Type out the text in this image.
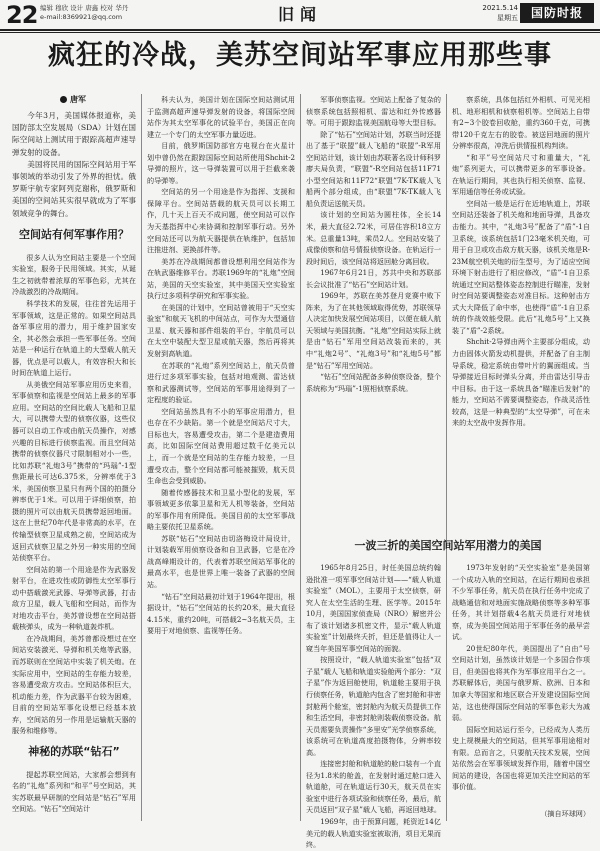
22 编辑 穆欣 设计 唐鑫 校对 华丹
e-mail:8369921@qq.com	旧闻	2021.5.14
星期五	国防时报
疯狂的冷战，美苏空间站军事应用那些事
唐军

今年3月，美国媒体报道称，美国防部太空发展局（SDA）计划在国际空间站上测试用于跟踪高超声速导弹发射的设备。

美国将民用的国际空间站用于军事领域的举动引发了外界的担忧。俄罗斯宇航专家阿列克谢称，俄罗斯和美国的空间站其实很早就成为了军事领域竞争的舞台。

空间站有何军事作用？

很多人认为空间站主要是一个空间实验室，服务于民用领域。其实，从诞生之初就带着浓厚的军事色彩，尤其在冷战激烈的冷战期间。

科学技术的发展，往往首先运用于军事领域，这是正常的。如果空间站具备军事应用的潜力，用于维护国家安全，其必然会承担一些军事任务。空间站是一种运行在轨道上的大型载人航天器，优点是可以载人，有效容积大和长时间在轨道上运行。

从美俄空间站军事应用历史来看，军事侦察和监视是空间站上最多的军事应用。空间站的空间比载人飞船和卫星大，可以携带大型的侦察仪器，这些仪器可以自动工作或由航天员操作，对感兴趣的目标进行侦察监视。而且空间站携带的侦察仪器尺寸限制相对小一些，比如苏联“礼炮3号”携带的“玛瑙”-1型焦距最长可达6.375米，分辨率优于3米，美国侦察卫星只有两个国的拍摄分辨率优于1米。可以用于详细侦察，拍摄的照片可以由航天员携带返回地面。这在上世纪70年代是非常高的水平，在传输型侦察卫星成熟之前，空间站成为返回式侦察卫星之外另一种实用的空间站侦察平台。

空间站的第一个用途是作为武器发射平台，在进攻性或防御性太空军事行动中搭载激光武器、导弹等武器，打击敌方卫星，载人飞船和空间站，而作为对地攻击平台，美苏曾设想在空间站搭载核弹头，成为一种轨道轰炸机。

在冷战期间，美苏曾都设想过在空间站安装激光、导弹和机关炮等武器，而苏联则在空间站中实装了机关炮。在实际应用中，空间站的生存能力较差，容易遭受敌方攻击。空间站体积巨大，机动能力差，作为武器平台较为困难，目前的空间站军事化设想已经基本放弃，空间站的另一作用是运输航天器的服务和维修等。

神秘的苏联“钻石”

提起苏联空间站，大家都会想到有名的“礼炮”系列和“和平”号空间站，其实苏联最早研制的空间站是“钻石”军用空间站。“钻石”空间站计

科夫认为，美国计划在国际空间站测试用于监测高超声速导弹发射的设备，将国际空间站作为其太空军事化的试验平台，美国正在向建立一个专门的太空军事力量迈进。

目前，俄罗斯国防部官方电视台在火星计划中曾仍然在跟踪国际空间站所使用Shchit-2导弹的照片，这一导弹装置可以用于拦截来袭的导弹等。

空间站的另一个用途是作为指挥、支援和保障平台。空间站搭载的航天员可以长期工作，几十天上百天不成问题，使空间站可以作为天基指挥中心来协调和控制军事行动。另外空间站还可以为航天器提供在轨维护，包括加注推进剂、更换部件等。

美苏在冷战期间都曾设想利用空间站作为在轨武器维修平台。苏联1969年的“礼炮”空间站，美国的天空实验室，其中美国天空实验室执行过多项科学研究和军事实验。

在美国的计划中，空间站曾被用于“天空实验室”和航天飞机的中间站点，可作为大型通信卫星、航天器和部件组装的平台，宇航员可以在太空中装配大型卫星或航天器，然后再将其发射到高轨道。

在苏联的“礼炮”系列空间站上，航天员曾进行过多项军事实验，包括对地观测、雷达侦察和武器测试等，空间站的军事用途得到了一定程度的验证。

空间站虽然具有不小的军事应用潜力，但也存在不少缺陷。第一个就是空间站尺寸大，目标也大，容易遭受攻击，第二个是建造费用高，比如国际空间站费用超过数千亿美元以上，而一个就是空间站的生存能力较差，一旦遭受攻击，整个空间站都可能被摧毁，航天员生命也会受到威胁。

随着传感器技术和卫星小型化的发展，军事领域更多依靠卫星和无人机等装备，空间站的军事作用有所降低。美国目前的太空军事战略主要依托卫星系统。

苏联“钻石”空间站由切洛梅设计局设计，计划装载军用侦察设备和自卫武器，它是在冷战高峰期设计的，代表着苏联空间站军事化的最高水平，也是世界上唯一装备了武器的空间站。

“钻石”空间站最初计划于1964年提出，根据设计，“钻石”空间站的长约20米，最大直径4.15米，重约20吨，可搭载2~3名航天员，主要用于对地侦察、监视等任务。

军事侦察监视。空间站上配备了复杂的侦察系统包括照相机、雷达和红外传感器等。可用于跟踪监视美国航母等大型目标。

除了“钻石”空间站计划，苏联当时还提出了基于“联盟”载人飞船的“联盟”-R军用空间站计划，该计划由苏联著名设计师科罗廖夫局负责，“联盟”-R空间站包括11F71小型空间站和11F72“联盟”7K-TK载人飞船两个部分组成，由“联盟”7K-TK载人飞船负责运送航天员。

该计划的空间站为圆柱体，全长14米，最大直径2.72米，可居住容积18立方米。总重量13吨，乘员2人。空间站安装了成像侦察和信号情报侦察设备。在轨运行一段时间后，该空间站将返回舱分离回收。

1967年6月21日，苏共中央和苏联部长会议批准了“钻石”空间站计划。

1969年，苏联在美苏登月竞赛中败下阵来，为了在其他领域取得优势，苏联领导人决定加快发展空间站项目，以便在载人航天领域与美国抗衡。“礼炮”空间站实际上就是由“钻石”军用空间站改装而来的，其中“礼炮2号”、“礼炮3号”和“礼炮5号”都是“钻石”军用空间站。

“钻石”空间站配备多种侦察设备，整个系统称为“玛瑙”-1照相侦察系统。

察系统，具体包括红外相机、可见光相机、地形相机和侦察相机等。空间站上自带有2~3个胶卷回收舱，重约360千克，可携带120千克左右的胶卷。被送回地面的照片分辨率很高，冲洗后供情报机构判读。

“和平”号空间站尺寸和重量大，“礼炮”系列更大，可以携带更多的军事设备。在轨运行期间，其也执行相关侦察、监视、军用通信等任务或试验。

空间站一般是运行在近地轨道上，苏联空间站还装备了机关炮和地面导弹，具备攻击能力。其中，“礼炮3号”配备了“盾”-1自卫系统，该系统包括1门23毫米机关炮，可用于自卫或攻击敌方航天器，该机关炮是R-23M航空机关炮的衍生型号，为了适应空间环境下射击进行了相应修改，“盾”-1自卫系统通过空间站整体姿态控制进行瞄准，发射时空间站要调整姿态对准目标。这种射击方式大大降低了命中率，也使得“盾”-1自卫系统的作战效能受限。此后“礼炮5号”上又换装了“盾”-2系统。

Shchit-2导弹由两个主要部分组成，动力由固体火箭发动机提供，并配备了自主制导系统，稳定系统由带叶片的翼面组成。当导弹接近目标时弹头分离，并由雷达引导击中目标。由于这一系统具备“瞄准后发射”的能力，空间站不需要调整姿态，作战灵活性较高，这是一种典型的“太空导弹”，可在未来的太空战中发挥作用。

一波三折的美国空间站军用潜力的美国

1965年8月25日，时任美国总统约翰逊批准一项军事空间站计划——“载人轨道实验室”（MOL），主要用于太空侦察，研究人在太空生活的生理、医学等。2015年10月，美国国家侦查局（NRO）解密并公布了该计划诸多机密文件，显示“载人轨道实验室”计划最终夭折，但还是值得让人一窥当年美国军事空间站的面貌。

按照设计，“载人轨道实验室”包括“双子星”载人飞船和轨道实验舱两个部分：“双子星”作为返回舱使用，轨道舱主要用于执行侦察任务，轨道舱内包含了密封舱和非密封舱两个舱室，密封舱内为航天员提供工作和生活空间，非密封舱则装载侦察设备。航天员需要负责操作“多里安”光学侦察系统，该系统可在轨道高度拍摄物体，分辨率较高。

连接密封舱和轨道舱的舱口装有一个直径为1.8米的舱盖，在发射时通过舱口进入轨道舱，可在轨道运行30天，航天员在实验室中进行各项试验和侦察任务，最后，航天员返回“双子星”载人飞船，再返回地球。

1969年，由于预算问题，耗资近14亿美元的载人轨道实验室被取消，项目无果而终。

1973年发射的“天空实验室”是美国第一个成功入轨的空间站，在运行期间也承担不少军事任务，航天员在执行任务中完成了战略通信和对地面实施战略侦察等多种军事任务，其计划搭载4名航天员进行对地侦察，成为美国空间站用于军事任务的最早尝试。

20世纪80年代，美国提出了“自由”号空间站计划，虽然该计划是一个多国合作项目，但美国也将其作为军事应用平台之一。苏联解体后，美国与俄罗斯、欧洲、日本和加拿大等国家和地区联合开发建设国际空间站，这也使得国际空间站的军事色彩大为减弱。

国际空间站运行至今，已经成为人类历史上规模最大的空间站，但其军事用途相对有限。总而言之，只要航天技术发展，空间站依然会在军事领域发挥作用，随着中国空间站的建设，各国也将更加关注空间站的军事价值。

（摘自环球网）
